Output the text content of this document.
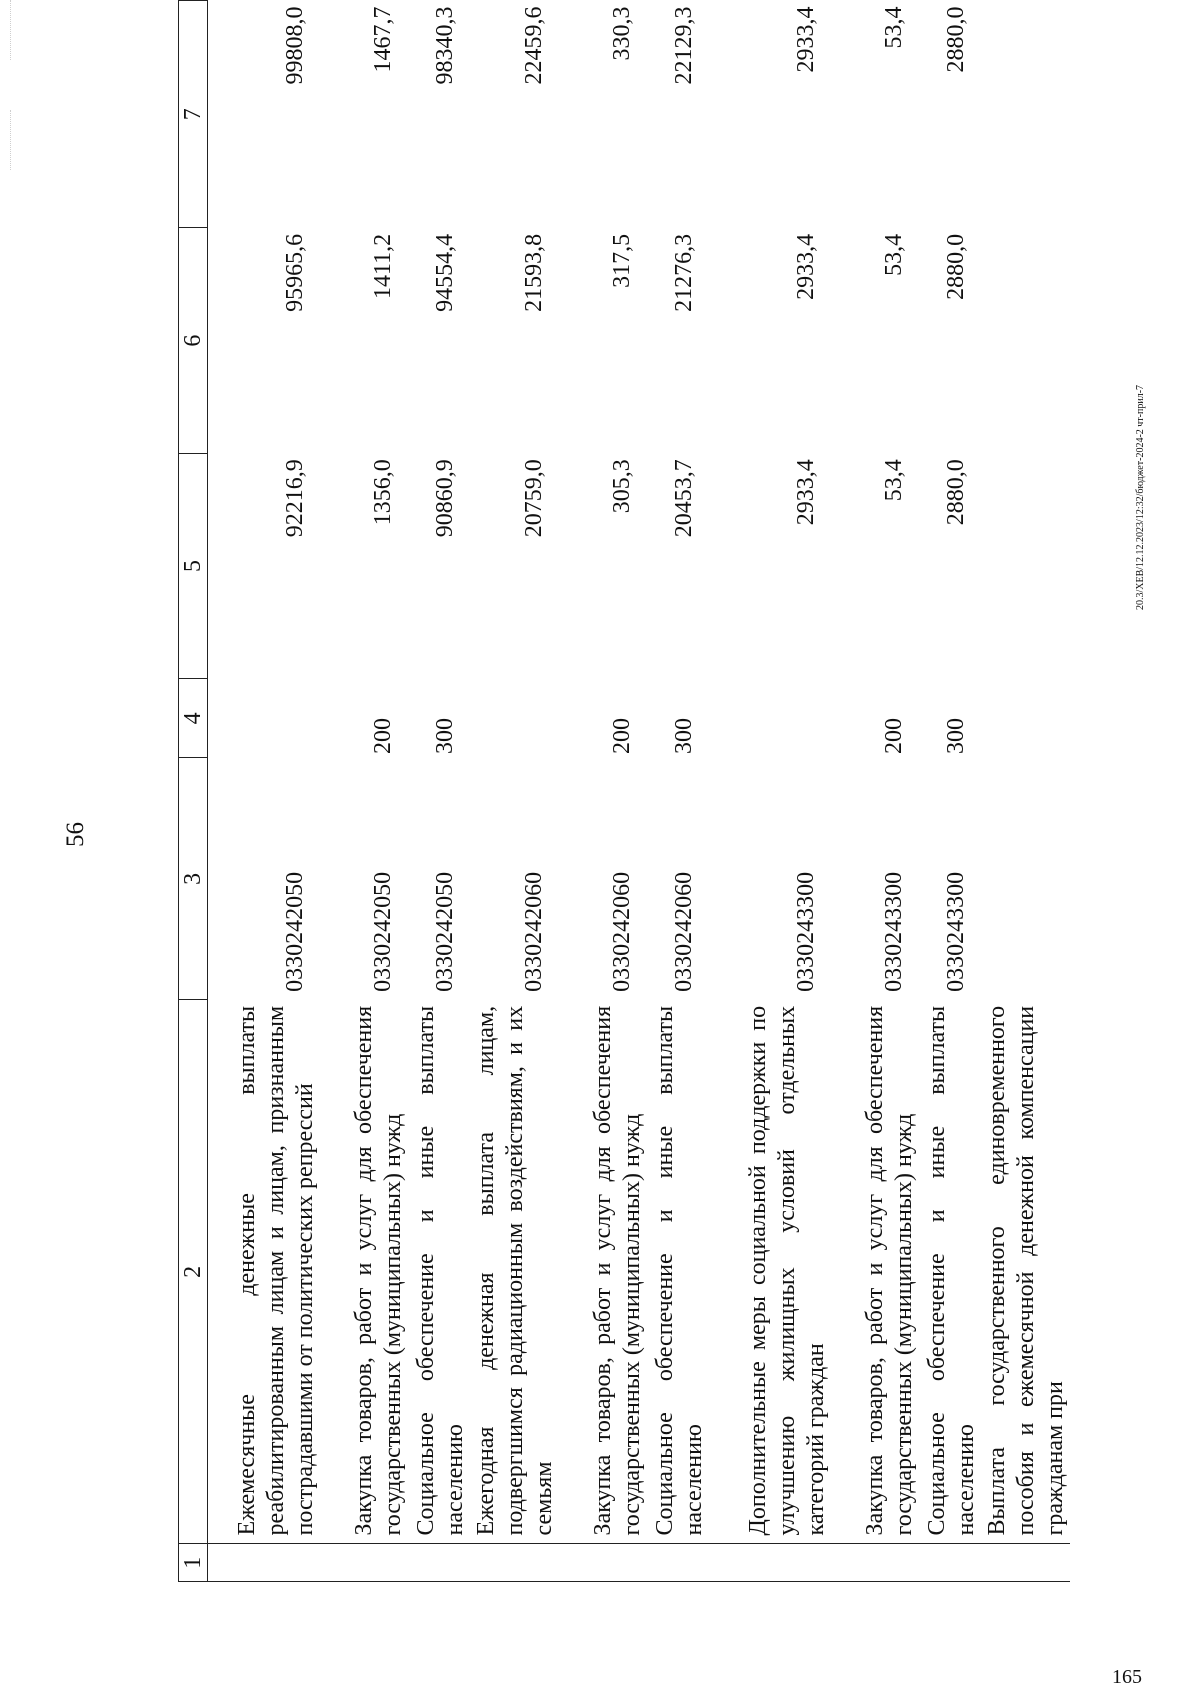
56
1	2	3	4	5	6	7
	Ежемесячные денежные выплаты реабилитированным лицам и лицам, признанным пострадавшими от политических репрессий	0330242050		92216,9	95965,6	99808,0
	Закупка товаров, работ и услуг для обеспечения государственных (муниципальных) нужд	0330242050	200	1356,0	1411,2	1467,7
	Социальное обеспечение и иные выплаты населению	0330242050	300	90860,9	94554,4	98340,3
	Ежегодная денежная выплата лицам, подвергшимся радиационным воздействиям, и их семьям	0330242060		20759,0	21593,8	22459,6
	Закупка товаров, работ и услуг для обеспечения государственных (муниципальных) нужд	0330242060	200	305,3	317,5	330,3
	Социальное обеспечение и иные выплаты населению	0330242060	300	20453,7	21276,3	22129,3
	Дополнительные меры социальной поддержки по улучшению жилищных условий отдельных категорий граждан	0330243300		2933,4	2933,4	2933,4
	Закупка товаров, работ и услуг для обеспечения государственных (муниципальных) нужд	0330243300	200	53,4	53,4	53,4
	Социальное обеспечение и иные выплаты населению	0330243300	300	2880,0	2880,0	2880,0
	Выплата государственного единовременного пособия и ежемесячной денежной компенсации гражданам при					
20.3/ХЕВ/12.12.2023/12:32/бюджет-2024-2 чт-прил-7
165
